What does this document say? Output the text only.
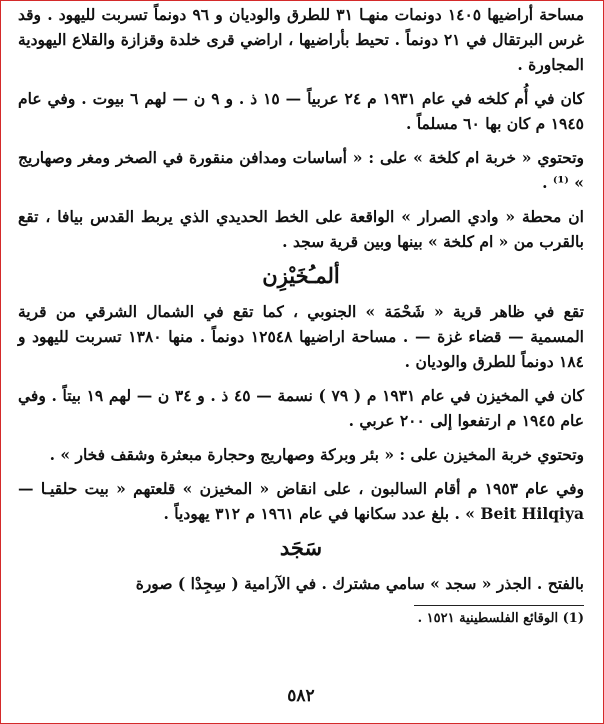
مساحة أراضيها ١٤٠٥ دونمات منهـا ٣١ للطرق والوديان و ٩٦ دونماً تسربت لليهود . وقد غرس البرتقال في ٢١ دونماً . تحيط بأراضيها ، اراضي قرى خلدة وقزازة والقلاع اليهودية المجاورة .

كان في أُم كلخه في عام ١٩٣١ م ٢٤ عربياً — ١٥ ذ . و ٩ ن — لهم ٦ بيوت . وفي عام ١٩٤٥ م كان بها ٦٠ مسلماً .

وتحتوي « خربة ام كلخة » على : « أساسات ومدافن منقورة في الصخر ومغر وصهاريج » ⁽¹⁾ .

ان محطة « وادي الصرار » الواقعة على الخط الحديدي الذي يربط القدس بيافا ، تقع بالقرب من « ام كلخة » بينها وبين قرية سجد .

ألمـُخَيْزِن

تقع في ظاهر قرية « شَحْمَة » الجنوبي ، كما تقع في الشمال الشرقي من قرية المسمية — قضاء غزة — . مساحة اراضيها ١٢٥٤٨ دونماً . منها ١٣٨٠ تسربت لليهود و ١٨٤ دونماً للطرق والوديان .

كان في المخيزن في عام ١٩٣١ م ( ٧٩ ) نسمة — ٤٥ ذ . و ٣٤ ن — لهم ١٩ بيتاً . وفي عام ١٩٤٥ م ارتفعوا إلى ٢٠٠ عربي .

وتحتوي خربة المخيزن على : « بئر وبركة وصهاريج وحجارة مبعثرة وشقف فخار » .

وفي عام ١٩٥٣ م أقام السالبون ، على انقاض « المخيزن » قلعتهم « بيت حلقيـا — Beit Hilqiya » . بلغ عدد سكانها في عام ١٩٦١ م ٣١٢ يهودياً .

سَجَد

بالفتح . الجذر « سجد » سامي مشترك . في الآرامية ( سِجِدْا ) صورة

(1) الوقائع الفلسطينية ١٥٢١ .

٥٨٢
